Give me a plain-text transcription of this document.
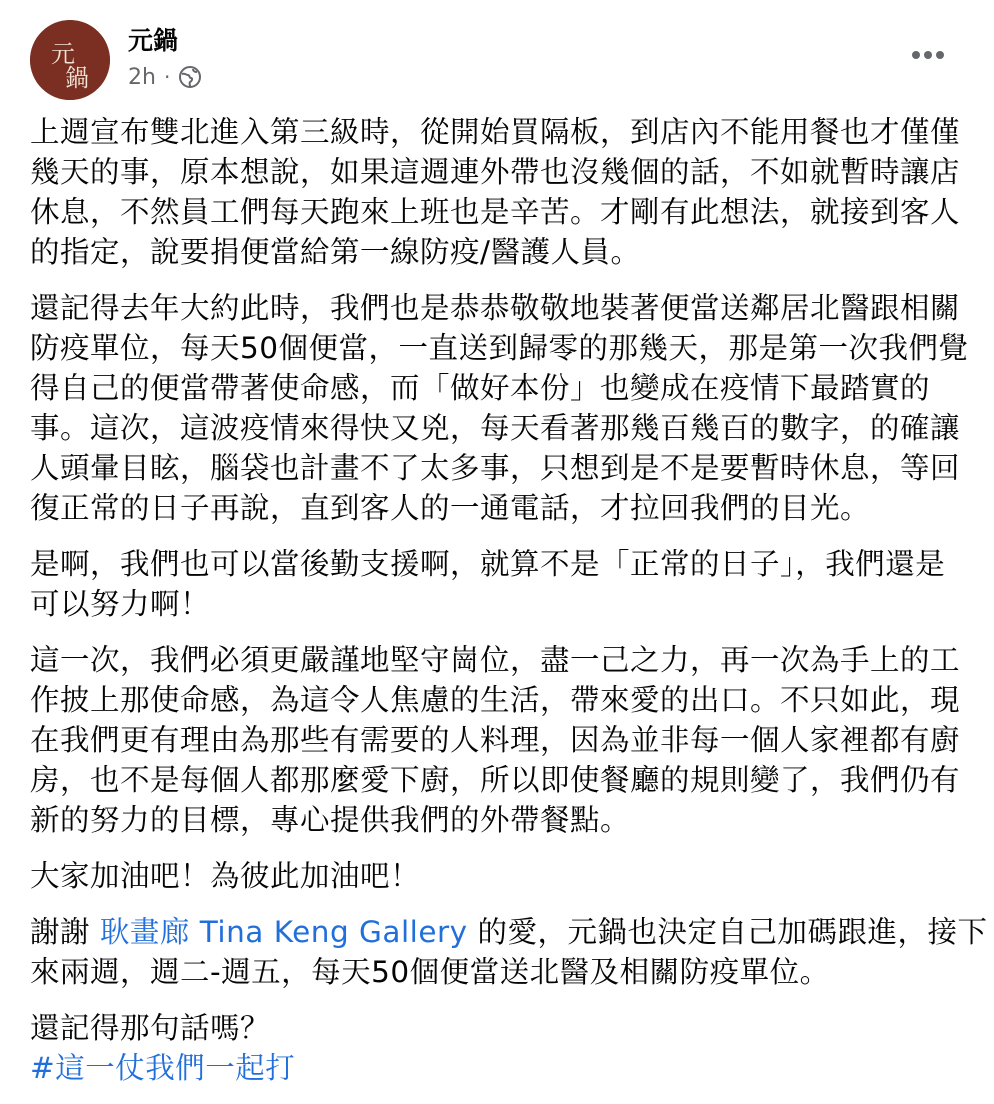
元
鍋
元鍋
2h ·

上週宣布雙北進入第三級時，從開始買隔板，到店內不能用餐也才僅僅
幾天的事，原本想說，如果這週連外帶也沒幾個的話，不如就暫時讓店
休息，不然員工們每天跑來上班也是辛苦。才剛有此想法，就接到客人
的指定，說要捐便當給第一線防疫/醫護人員。

還記得去年大約此時，我們也是恭恭敬敬地裝著便當送鄰居北醫跟相關
防疫單位，每天50個便當，一直送到歸零的那幾天，那是第一次我們覺
得自己的便當帶著使命感，而「做好本份」也變成在疫情下最踏實的
事。這次，這波疫情來得快又兇，每天看著那幾百幾百的數字，的確讓
人頭暈目眩，腦袋也計畫不了太多事，只想到是不是要暫時休息，等回
復正常的日子再說，直到客人的一通電話，才拉回我們的目光。

是啊，我們也可以當後勤支援啊，就算不是「正常的日子」，我們還是
可以努力啊！

這一次，我們必須更嚴謹地堅守崗位，盡一己之力，再一次為手上的工
作披上那使命感，為這令人焦慮的生活，帶來愛的出口。不只如此，現
在我們更有理由為那些有需要的人料理，因為並非每一個人家裡都有廚
房，也不是每個人都那麼愛下廚，所以即使餐廳的規則變了，我們仍有
新的努力的目標，專心提供我們的外帶餐點。

大家加油吧！為彼此加油吧！

謝謝 耿畫廊 Tina Keng Gallery 的愛，元鍋也決定自己加碼跟進，接下
來兩週，週二-週五，每天50個便當送北醫及相關防疫單位。

還記得那句話嗎？
#這一仗我們一起打
